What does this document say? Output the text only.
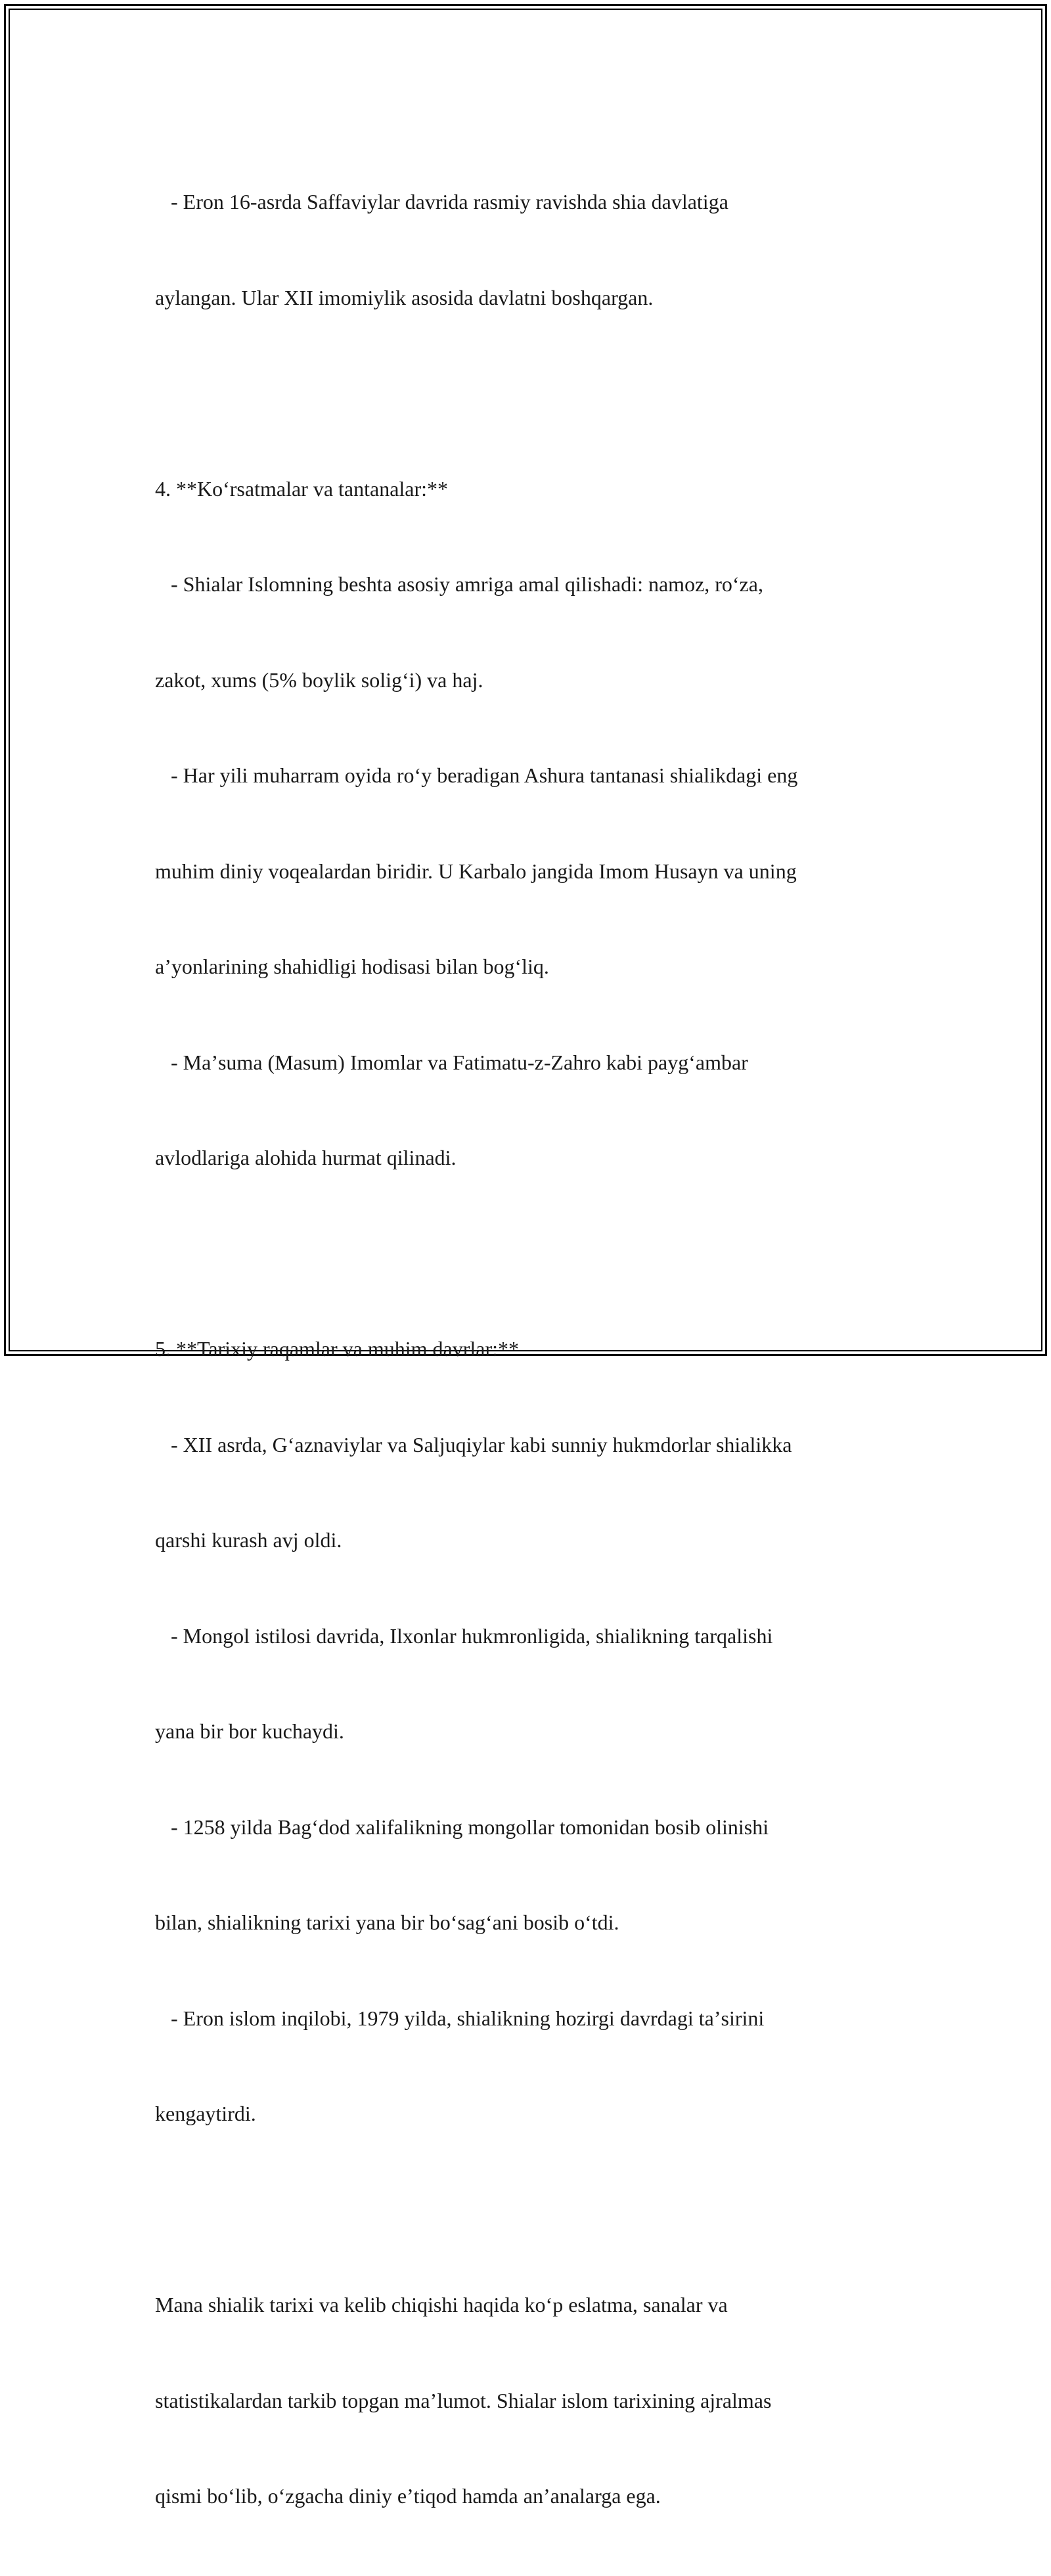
- Eron 16-asrda Saffaviylar davrida rasmiy ravishda shia davlatiga

aylangan. Ular XII imomiylik asosida davlatni boshqargan.

4. **Koʻrsatmalar va tantanalar:**

- Shialar Islomning beshta asosiy amriga amal qilishadi: namoz, roʻza,

zakot, xums (5% boylik soligʻi) va haj.

- Har yili muharram oyida roʻy beradigan Ashura tantanasi shialikdagi eng

muhim diniy voqealardan biridir. U Karbalo jangida Imom Husayn va uning

aʼyonlarining shahidligi hodisasi bilan bogʻliq.

- Maʼsuma (Masum) Imomlar va Fatimatu-z-Zahro kabi paygʻambar

avlodlariga alohida hurmat qilinadi.

5. **Tarixiy raqamlar va muhim davrlar:**

- XII asrda, Gʻaznaviylar va Saljuqiylar kabi sunniy hukmdorlar shialikka

qarshi kurash avj oldi.

- Mongol istilosi davrida, Ilxonlar hukmronligida, shialikning tarqalishi

yana bir bor kuchaydi.

- 1258 yilda Bagʻdod xalifalikning mongollar tomonidan bosib olinishi

bilan, shialikning tarixi yana bir boʻsagʻani bosib oʻtdi.

- Eron islom inqilobi, 1979 yilda, shialikning hozirgi davrdagi taʼsirini

kengaytirdi.

Mana shialik tarixi va kelib chiqishi haqida koʻp eslatma, sanalar va

statistikalardan tarkib topgan maʼlumot. Shialar islom tarixining ajralmas

qismi boʻlib, oʻzgacha diniy eʼtiqod hamda anʼanalarga ega.
